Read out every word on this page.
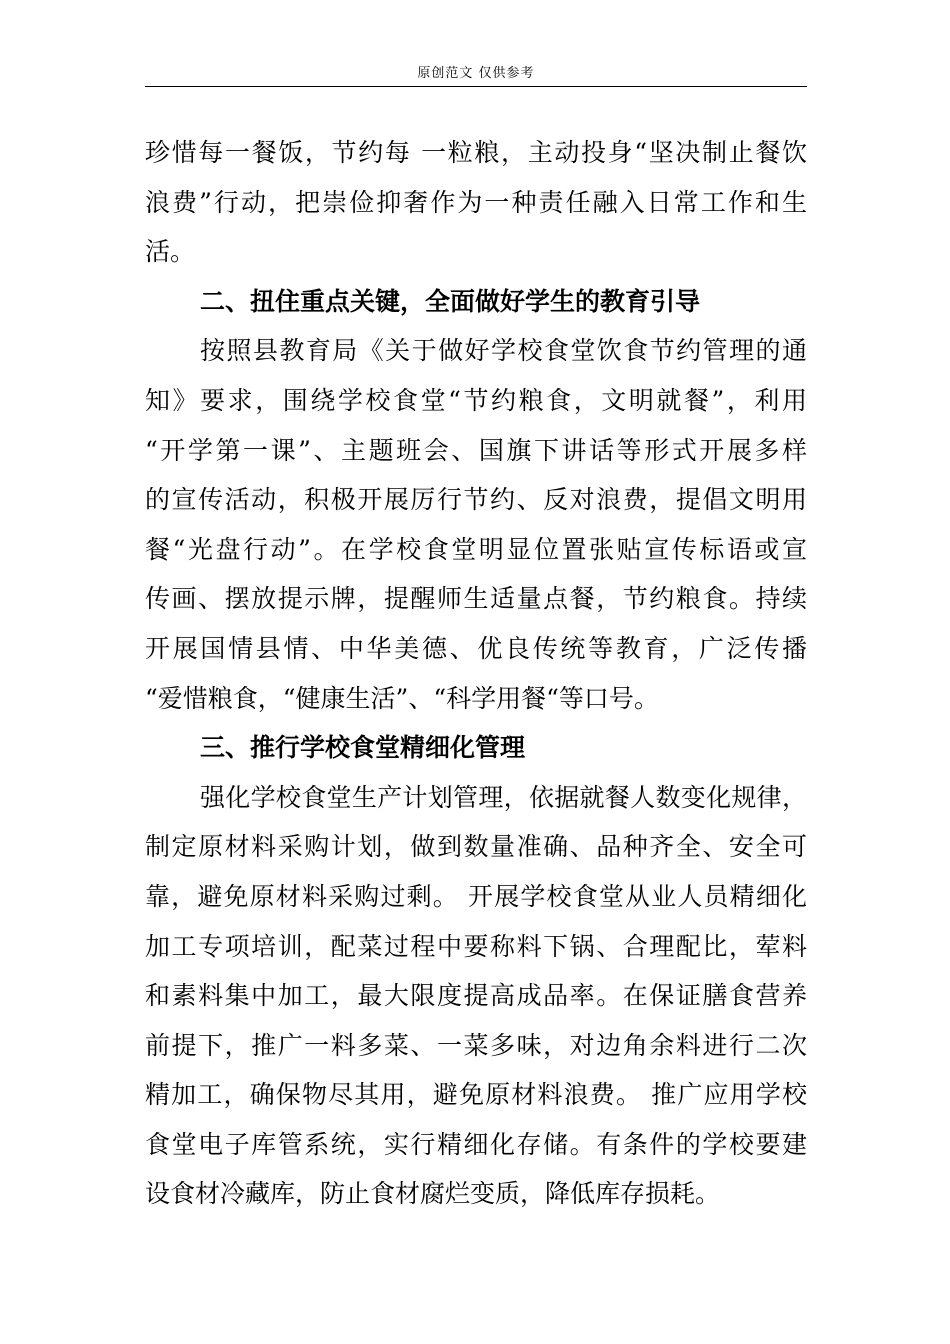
原创范文 仅供参考
珍惜每一餐饭，节约每 一粒粮，主动投身“坚决制止餐饮
浪费”行动，把崇俭抑奢作为一种责任融入日常工作和生
活。
二、扭住重点关键，全面做好学生的教育引导
按照县教育局《关于做好学校食堂饮食节约管理的通
知》要求，围绕学校食堂“节约粮食，文明就餐”，利用
“开学第一课”、主题班会、国旗下讲话等形式开展多样
的宣传活动，积极开展厉行节约、反对浪费，提倡文明用
餐“光盘行动”。在学校食堂明显位置张贴宣传标语或宣
传画、摆放提示牌，提醒师生适量点餐，节约粮食。持续
开展国情县情、中华美德、优良传统等教育，广泛传播
“爱惜粮食，“健康生活”、“科学用餐“等口号。
三、推行学校食堂精细化管理
强化学校食堂生产计划管理，依据就餐人数变化规律，
制定原材料采购计划，做到数量准确、品种齐全、安全可
靠，避免原材料采购过剩。 开展学校食堂从业人员精细化
加工专项培训，配菜过程中要称料下锅、合理配比，荤料
和素料集中加工，最大限度提高成品率。在保证膳食营养
前提下，推广一料多菜、一菜多味，对边角余料进行二次
精加工，确保物尽其用，避免原材料浪费。 推广应用学校
食堂电子库管系统，实行精细化存储。有条件的学校要建
设食材冷藏库，防止食材腐烂变质，降低库存损耗。
